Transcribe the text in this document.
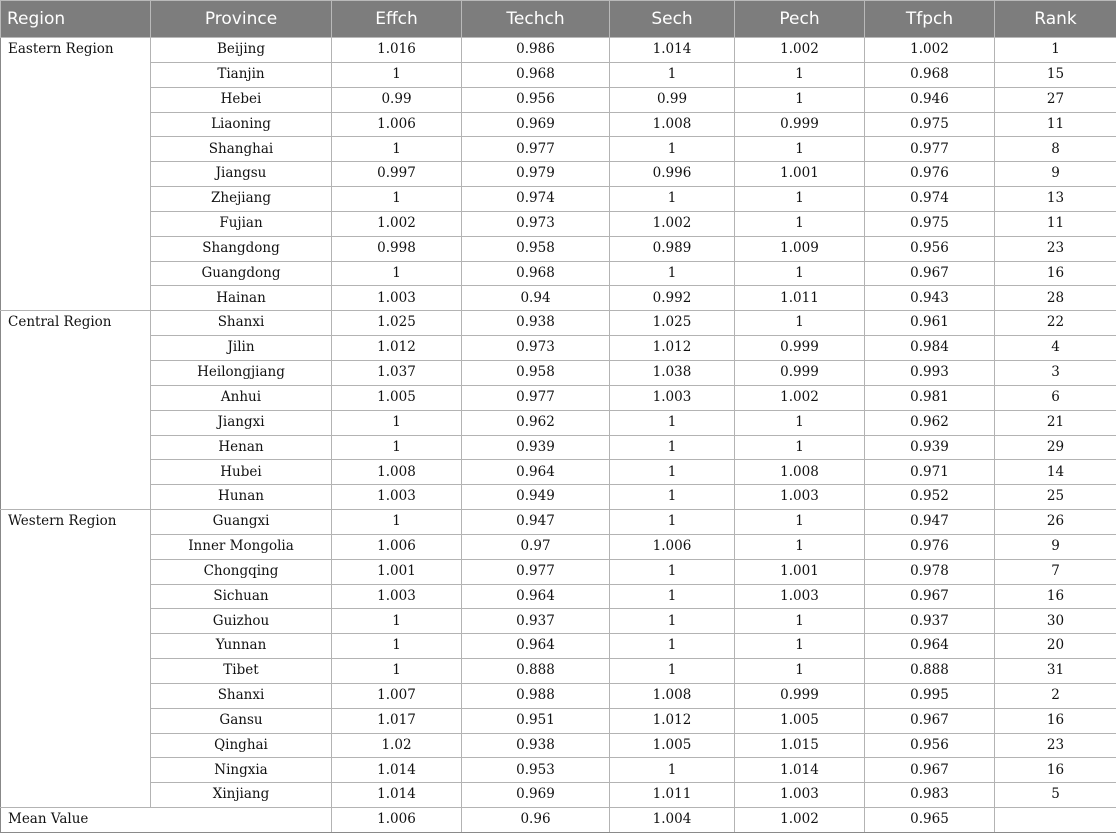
Region	Province	Effch	Techch	Sech	Pech	Tfpch	Rank
Eastern Region	Beijing	1.016	0.986	1.014	1.002	1.002	1
	Tianjin	1	0.968	1	1	0.968	15
	Hebei	0.99	0.956	0.99	1	0.946	27
	Liaoning	1.006	0.969	1.008	0.999	0.975	11
	Shanghai	1	0.977	1	1	0.977	8
	Jiangsu	0.997	0.979	0.996	1.001	0.976	9
	Zhejiang	1	0.974	1	1	0.974	13
	Fujian	1.002	0.973	1.002	1	0.975	11
	Shangdong	0.998	0.958	0.989	1.009	0.956	23
	Guangdong	1	0.968	1	1	0.967	16
	Hainan	1.003	0.94	0.992	1.011	0.943	28
Central Region	Shanxi	1.025	0.938	1.025	1	0.961	22
	Jilin	1.012	0.973	1.012	0.999	0.984	4
	Heilongjiang	1.037	0.958	1.038	0.999	0.993	3
	Anhui	1.005	0.977	1.003	1.002	0.981	6
	Jiangxi	1	0.962	1	1	0.962	21
	Henan	1	0.939	1	1	0.939	29
	Hubei	1.008	0.964	1	1.008	0.971	14
	Hunan	1.003	0.949	1	1.003	0.952	25
Western Region	Guangxi	1	0.947	1	1	0.947	26
	Inner Mongolia	1.006	0.97	1.006	1	0.976	9
	Chongqing	1.001	0.977	1	1.001	0.978	7
	Sichuan	1.003	0.964	1	1.003	0.967	16
	Guizhou	1	0.937	1	1	0.937	30
	Yunnan	1	0.964	1	1	0.964	20
	Tibet	1	0.888	1	1	0.888	31
	Shanxi	1.007	0.988	1.008	0.999	0.995	2
	Gansu	1.017	0.951	1.012	1.005	0.967	16
	Qinghai	1.02	0.938	1.005	1.015	0.956	23
	Ningxia	1.014	0.953	1	1.014	0.967	16
	Xinjiang	1.014	0.969	1.011	1.003	0.983	5
Mean Value		1.006	0.96	1.004	1.002	0.965	
